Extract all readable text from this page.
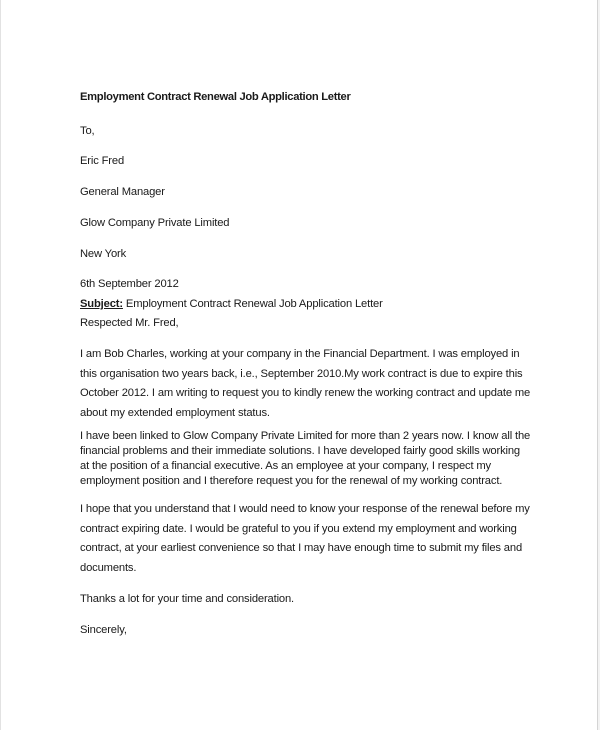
Employment Contract Renewal Job Application Letter
To,
Eric Fred
General Manager
Glow Company Private Limited
New York
6th September 2012
Subject: Employment Contract Renewal Job Application Letter
Respected Mr. Fred,
I am Bob Charles, working at your company in the Financial Department. I was employed in
this organisation two years back, i.e., September 2010.My work contract is due to expire this
October 2012. I am writing to request you to kindly renew the working contract and update me
about my extended employment status.
I have been linked to Glow Company Private Limited for more than 2 years now. I know all the
financial problems and their immediate solutions. I have developed fairly good skills working
at the position of a financial executive. As an employee at your company, I respect my
employment position and I therefore request you for the renewal of my working contract.
I hope that you understand that I would need to know your response of the renewal before my
contract expiring date. I would be grateful to you if you extend my employment and working
contract, at your earliest convenience so that I may have enough time to submit my files and
documents.
Thanks a lot for your time and consideration.
Sincerely,
